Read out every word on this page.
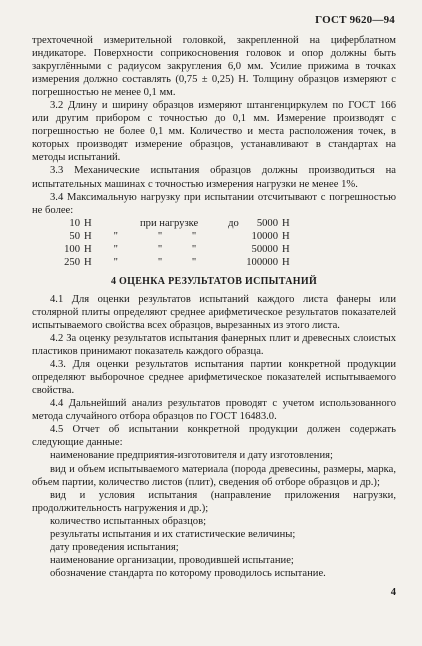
ГОСТ 9620—94

трехточечной измерительной головкой, закрепленной на циферблатном индикаторе. Поверхности соприкосновения головок и опор должны быть закруглёнными с радиусом закругления 6,0 мм. Усилие прижима в точках измерения должно составлять (0,75 ± 0,25) Н. Толщину образцов измеряют с погрешностью не менее 0,1 мм.

3.2 Длину и ширину образцов измеряют штангенциркулем по ГОСТ 166 или другим прибором с точностью до 0,1 мм. Измерение производят с погрешностью не более 0,1 мм. Количество и места расположения точек, в которых производят измерение образцов, устанавливают в стандартах на методы испытаний.

3.3 Механические испытания образцов должны производиться на испытательных машинах с точностью измерения нагрузки не менее 1%.

3.4 Максимальную нагрузку при испытании отсчитывают с погрешностью не более:

10	Н	при нагрузке		до 5000	Н
50	Н "	"	"	10000	Н
100	Н "	"	"	50000	Н
250	Н "	"	"	100000	Н
4 ОЦЕНКА РЕЗУЛЬТАТОВ ИСПЫТАНИЙ

4.1 Для оценки результатов испытаний каждого листа фанеры или столярной плиты определяют среднее арифметическое результатов показателей испытываемого свойства всех образцов, вырезанных из этого листа.

4.2 За оценку результатов испытания фанерных плит и древесных слоистых пластиков принимают показатель каждого образца.

4.3. Для оценки результатов испытания партии конкретной продукции определяют выборочное среднее арифметическое показателей испытываемого свойства.

4.4 Дальнейший анализ результатов проводят с учетом использованного метода случайного отбора образцов по ГОСТ 16483.0.

4.5 Отчет об испытании конкретной продукции должен содержать следующие данные:

наименование предприятия-изготовителя и дату изготовления;

вид и объем испытываемого материала (порода древесины, размеры, марка, объем партии, количество листов (плит), сведения об отборе образцов и др.);

вид и условия испытания (направление приложения нагрузки, продолжительность нагружения и др.);

количество испытанных образцов;

результаты испытания и их статистические величины;

дату проведения испытания;

наименование организации, проводившей испытание;

обозначение стандарта по которому проводилось испытание.

4
